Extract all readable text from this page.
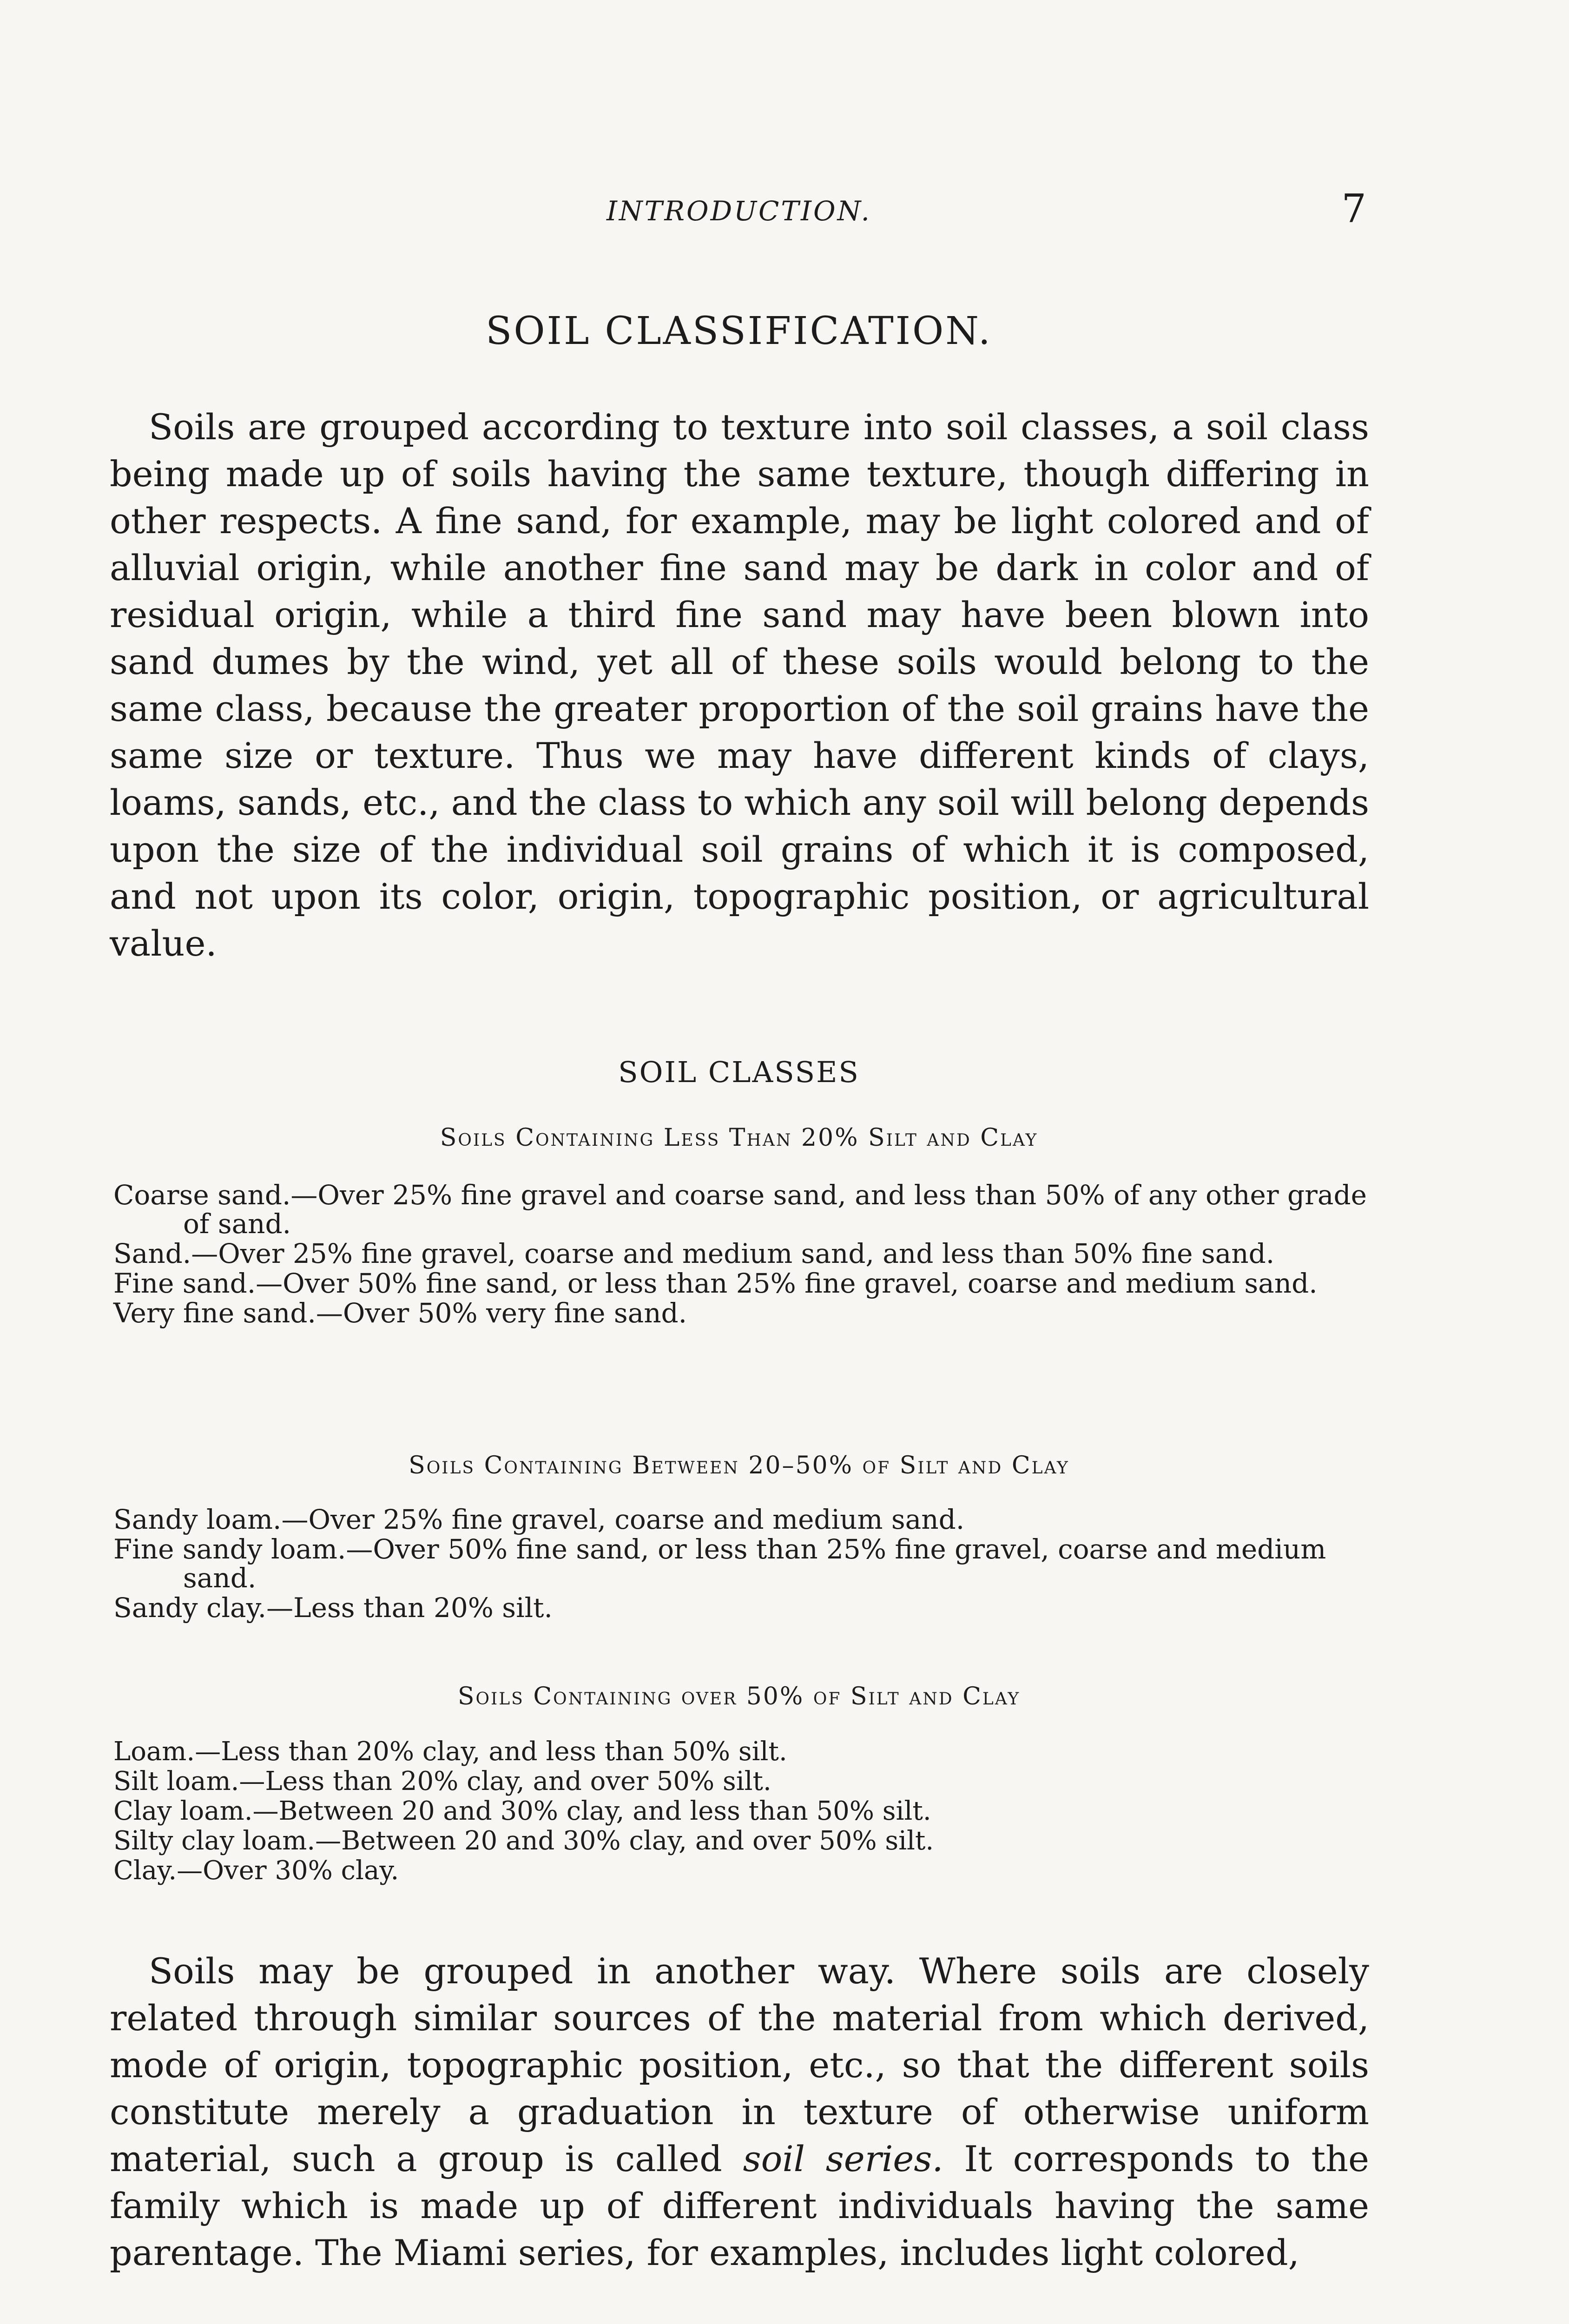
INTRODUCTION.	7
SOIL CLASSIFICATION.

Soils are grouped according to texture into soil classes, a soil class being made up of soils having the same texture, though differing in other respects. A fine sand, for example, may be light colored and of alluvial origin, while another fine sand may be dark in color and of residual origin, while a third fine sand may have been blown into sand dumes by the wind, yet all of these soils would belong to the same class, because the greater proportion of the soil grains have the same size or texture. Thus we may have different kinds of clays, loams, sands, etc., and the class to which any soil will belong depends upon the size of the individual soil grains of which it is composed, and not upon its color, origin, topographic position, or agricultural value.

SOIL CLASSES
Soils Containing Less Than 20% Silt and Clay
Coarse sand.—Over 25% fine gravel and coarse sand, and less than 50% of any other grade of sand.
Sand.—Over 25% fine gravel, coarse and medium sand, and less than 50% fine sand.
Fine sand.—Over 50% fine sand, or less than 25% fine gravel, coarse and medium sand.
Very fine sand.—Over 50% very fine sand.
Soils Containing Between 20–50% of Silt and Clay
Sandy loam.—Over 25% fine gravel, coarse and medium sand.
Fine sandy loam.—Over 50% fine sand, or less than 25% fine gravel, coarse and medium sand.
Sandy clay.—Less than 20% silt.
Soils Containing over 50% of Silt and Clay
Loam.—Less than 20% clay, and less than 50% silt.
Silt loam.—Less than 20% clay, and over 50% silt.
Clay loam.—Between 20 and 30% clay, and less than 50% silt.
Silty clay loam.—Between 20 and 30% clay, and over 50% silt.
Clay.—Over 30% clay.

Soils may be grouped in another way. Where soils are closely related through similar sources of the material from which derived, mode of origin, topographic position, etc., so that the different soils constitute merely a graduation in texture of otherwise uniform material, such a group is called soil series. It corresponds to the family which is made up of different individuals having the same parentage. The Miami series, for examples, includes light colored,
